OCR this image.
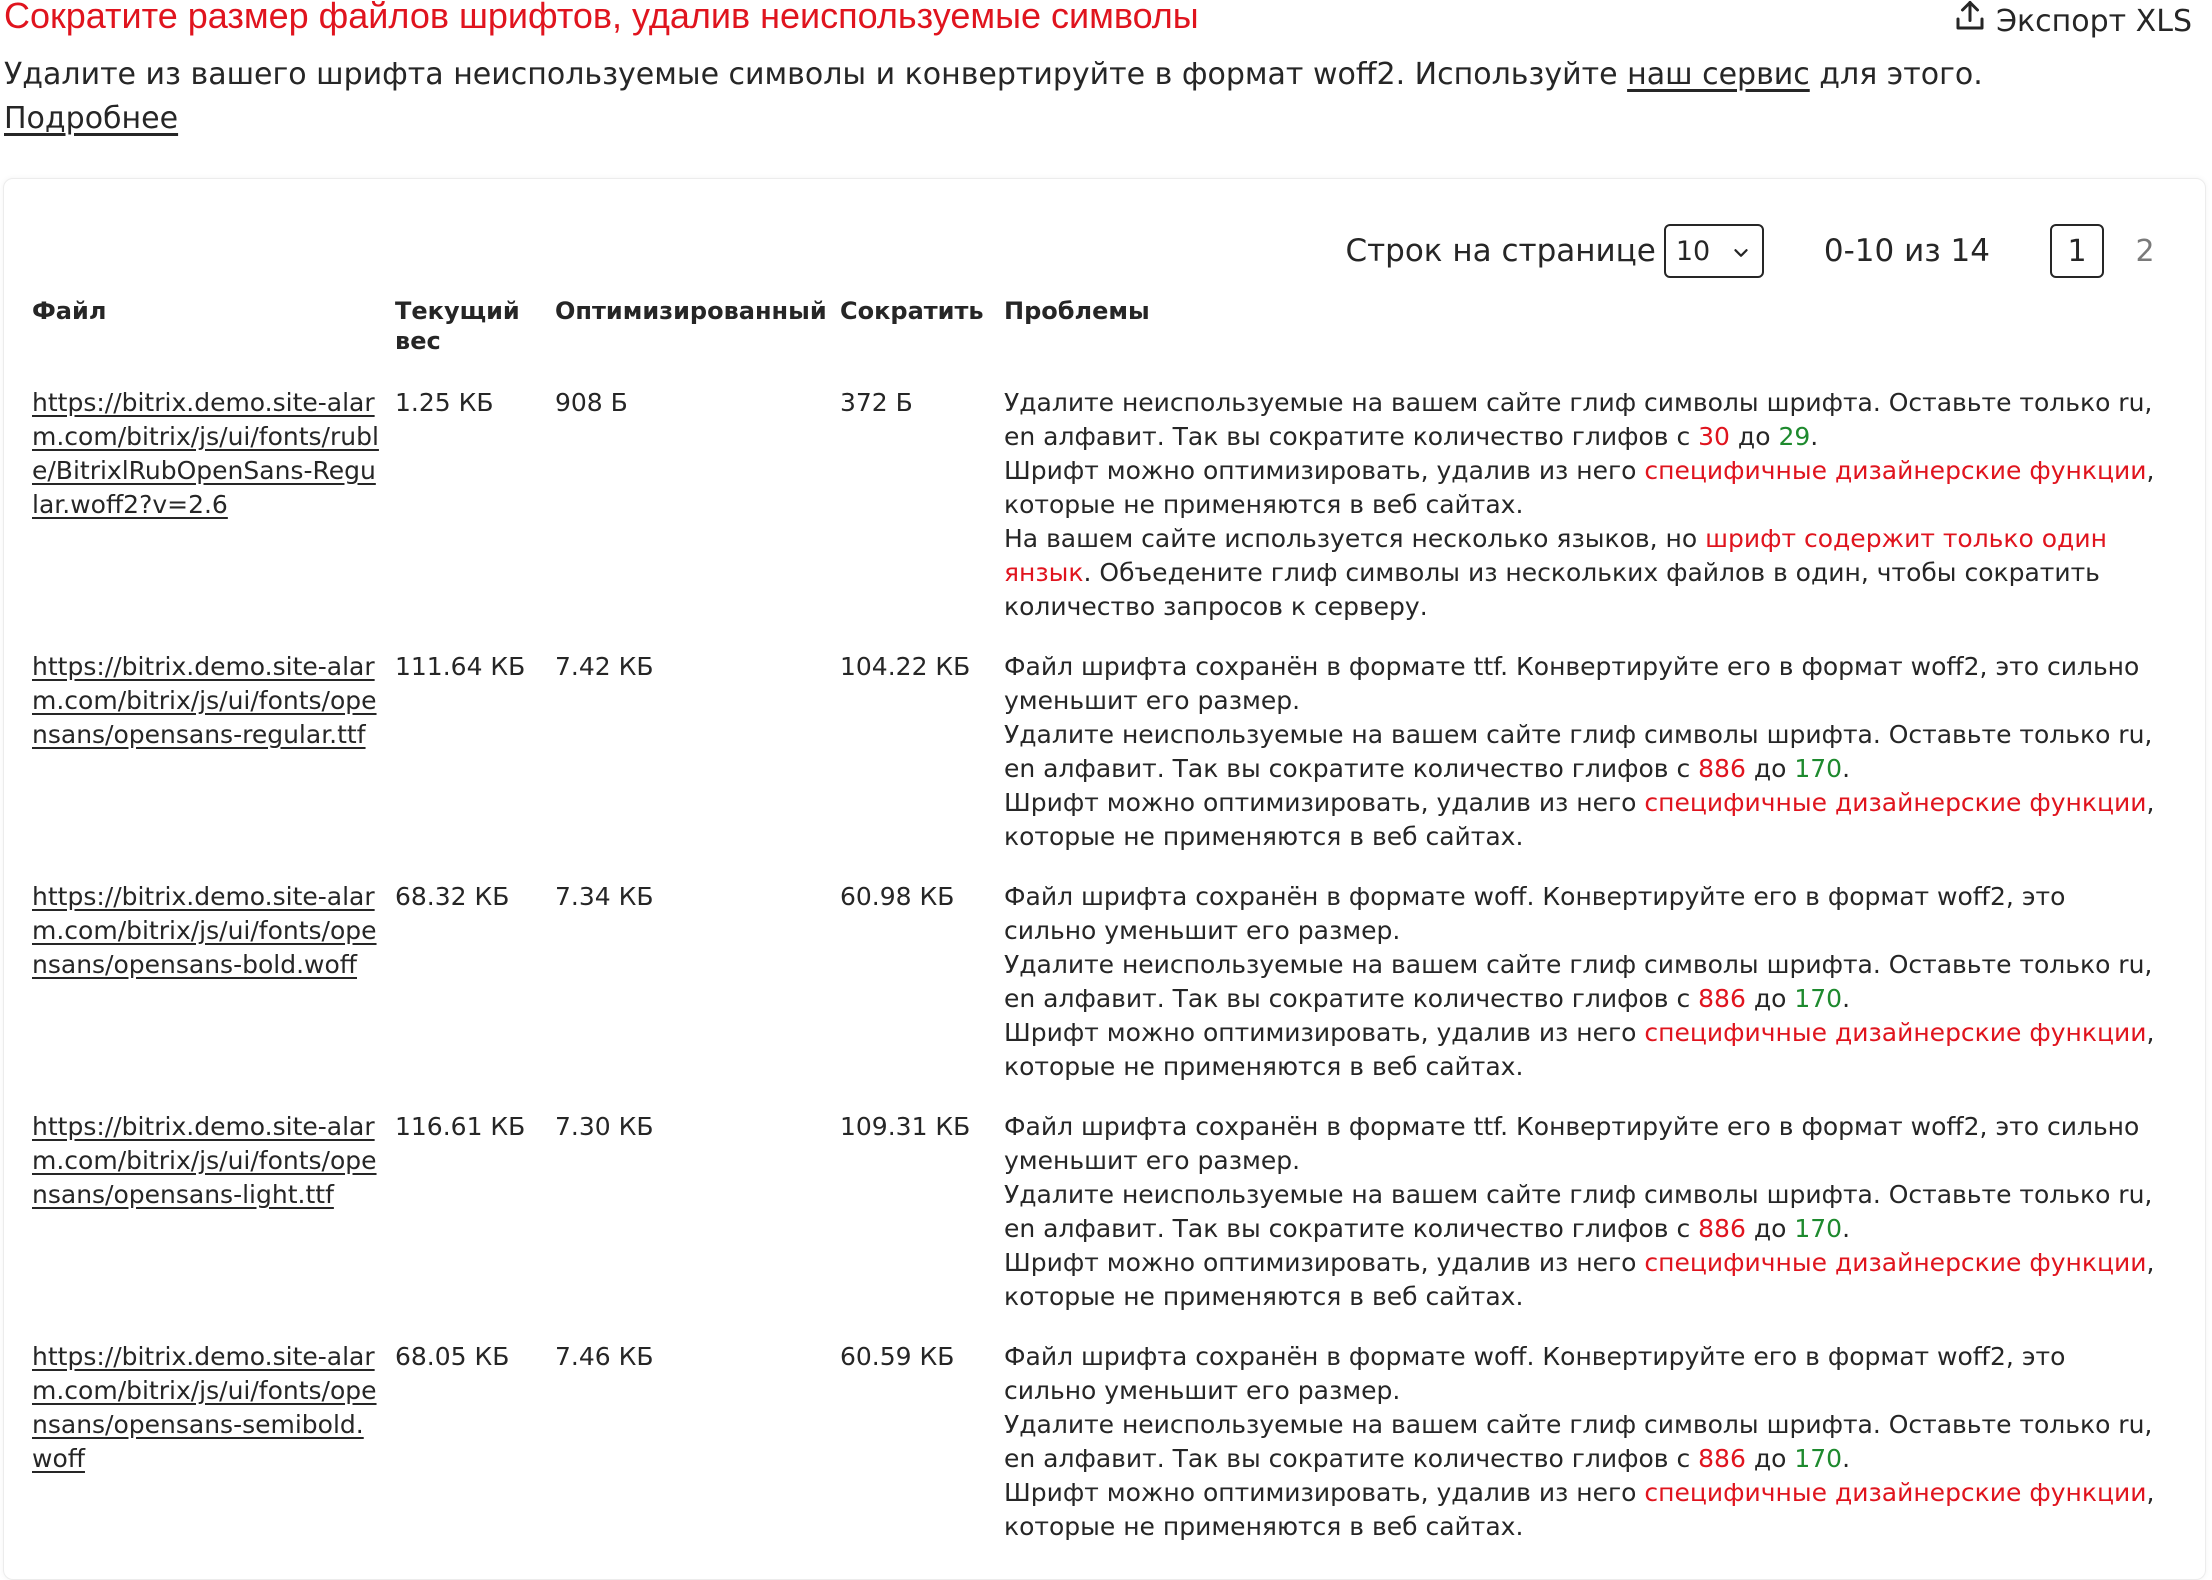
Сократите размер файлов шрифтов, удалив неиспользуемые символы	Экспорт XLS
Удалите из вашего шрифта неиспользуемые символы и конвертируйте в формат woff2. Используйте наш сервис для этого.
Подробнее
Строк на странице 10	0-10 из 14	1	2
Файл	Текущий вес	Оптимизированный	Сократить	Проблемы
https://bitrix.demo.site-alarm.com/bitrix/js/ui/fonts/ruble/BitrixlRubOpenSans-Regular.woff2?v=2.6	1.25 КБ	908 Б	372 Б	Удалите неиспользуемые на вашем сайте глиф символы шрифта. Оставьте только ru, en алфавит. Так вы сократите количество глифов с 30 до 29.
Шрифт можно оптимизировать, удалив из него специфичные дизайнерские функции, которые не применяются в веб сайтах.
На вашем сайте используется несколько языков, но шрифт содержит только один янзык. Объедените глиф символы из нескольких файлов в один, чтобы сократить количество запросов к серверу.

https://bitrix.demo.site-alarm.com/bitrix/js/ui/fonts/opensans/opensans-regular.ttf	111.64 КБ	7.42 КБ	104.22 КБ	Файл шрифта сохранён в формате ttf. Конвертируйте его в формат woff2, это сильно уменьшит его размер.
Удалите неиспользуемые на вашем сайте глиф символы шрифта. Оставьте только ru, en алфавит. Так вы сократите количество глифов с 886 до 170.
Шрифт можно оптимизировать, удалив из него специфичные дизайнерские функции, которые не применяются в веб сайтах.

https://bitrix.demo.site-alarm.com/bitrix/js/ui/fonts/opensans/opensans-bold.woff	68.32 КБ	7.34 КБ	60.98 КБ	Файл шрифта сохранён в формате woff. Конвертируйте его в формат woff2, это сильно уменьшит его размер.
Удалите неиспользуемые на вашем сайте глиф символы шрифта. Оставьте только ru, en алфавит. Так вы сократите количество глифов с 886 до 170.
Шрифт можно оптимизировать, удалив из него специфичные дизайнерские функции, которые не применяются в веб сайтах.

https://bitrix.demo.site-alarm.com/bitrix/js/ui/fonts/opensans/opensans-light.ttf	116.61 КБ	7.30 КБ	109.31 КБ	Файл шрифта сохранён в формате ttf. Конвертируйте его в формат woff2, это сильно уменьшит его размер.
Удалите неиспользуемые на вашем сайте глиф символы шрифта. Оставьте только ru, en алфавит. Так вы сократите количество глифов с 886 до 170.
Шрифт можно оптимизировать, удалив из него специфичные дизайнерские функции, которые не применяются в веб сайтах.

https://bitrix.demo.site-alarm.com/bitrix/js/ui/fonts/opensans/opensans-semibold.woff	68.05 КБ	7.46 КБ	60.59 КБ	Файл шрифта сохранён в формате woff. Конвертируйте его в формат woff2, это сильно уменьшит его размер.
Удалите неиспользуемые на вашем сайте глиф символы шрифта. Оставьте только ru, en алфавит. Так вы сократите количество глифов с 886 до 170.
Шрифт можно оптимизировать, удалив из него специфичные дизайнерские функции, которые не применяются в веб сайтах.
